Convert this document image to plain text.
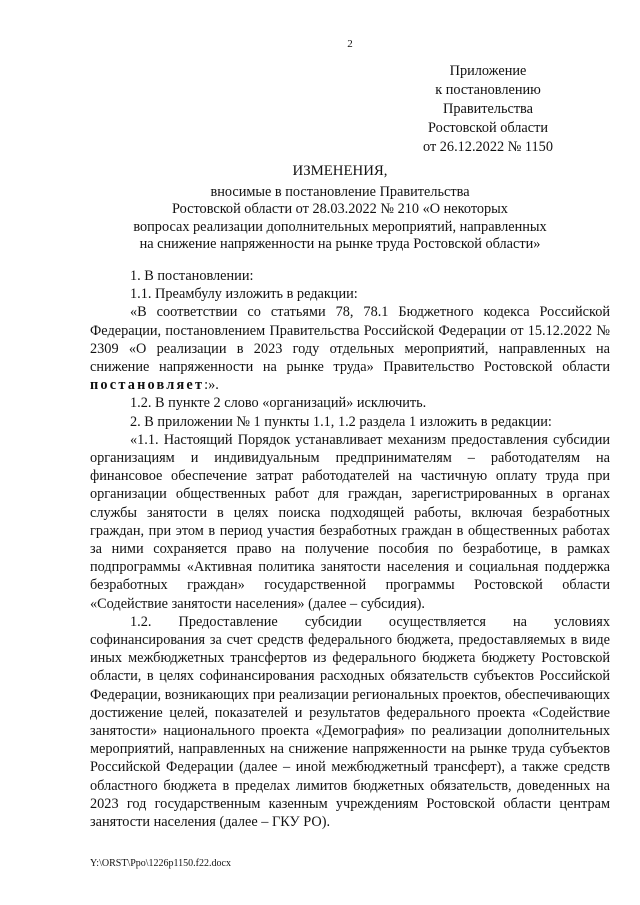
2
Приложение
к постановлению
Правительства
Ростовской области
от 26.12.2022 № 1150
ИЗМЕНЕНИЯ,
вносимые в постановление Правительства
Ростовской области от 28.03.2022 № 210 «О некоторых
вопросах реализации дополнительных мероприятий, направленных
на снижение напряженности на рынке труда Ростовской области»

1. В постановлении:

1.1. Преамбулу изложить в редакции:

«В соответствии со статьями 78, 78.1 Бюджетного кодекса Российской Федерации, постановлением Правительства Российской Федерации от 15.12.2022 № 2309 «О реализации в 2023 году отдельных мероприятий, направленных на снижение напряженности на рынке труда» Правительство Ростовской области постановляет:».

1.2. В пункте 2 слово «организаций» исключить.

2. В приложении № 1 пункты 1.1, 1.2 раздела 1 изложить в редакции:

«1.1. Настоящий Порядок устанавливает механизм предоставления субсидии организациям и индивидуальным предпринимателям – работодателям на финансовое обеспечение затрат работодателей на частичную оплату труда при организации общественных работ для граждан, зарегистрированных в органах службы занятости в целях поиска подходящей работы, включая безработных граждан, при этом в период участия безработных граждан в общественных работах за ними сохраняется право на получение пособия по безработице, в рамках подпрограммы «Активная политика занятости населения и социальная поддержка безработных граждан» государственной программы Ростовской области «Содействие занятости населения» (далее – субсидия).

1.2. Предоставление субсидии осуществляется на условиях софинансирования за счет средств федерального бюджета, предоставляемых в виде иных межбюджетных трансфертов из федерального бюджета бюджету Ростовской области, в целях софинансирования расходных обязательств субъектов Российской Федерации, возникающих при реализации региональных проектов, обеспечивающих достижение целей, показателей и результатов федерального проекта «Содействие занятости» национального проекта «Демография» по реализации дополнительных мероприятий, направленных на снижение напряженности на рынке труда субъектов Российской Федерации (далее – иной межбюджетный трансферт), а также средств областного бюджета в пределах лимитов бюджетных обязательств, доведенных на 2023 год государственным казенным учреждениям Ростовской области центрам занятости населения (далее – ГКУ РО).

Y:\ORST\Ppo\1226p1150.f22.docx
